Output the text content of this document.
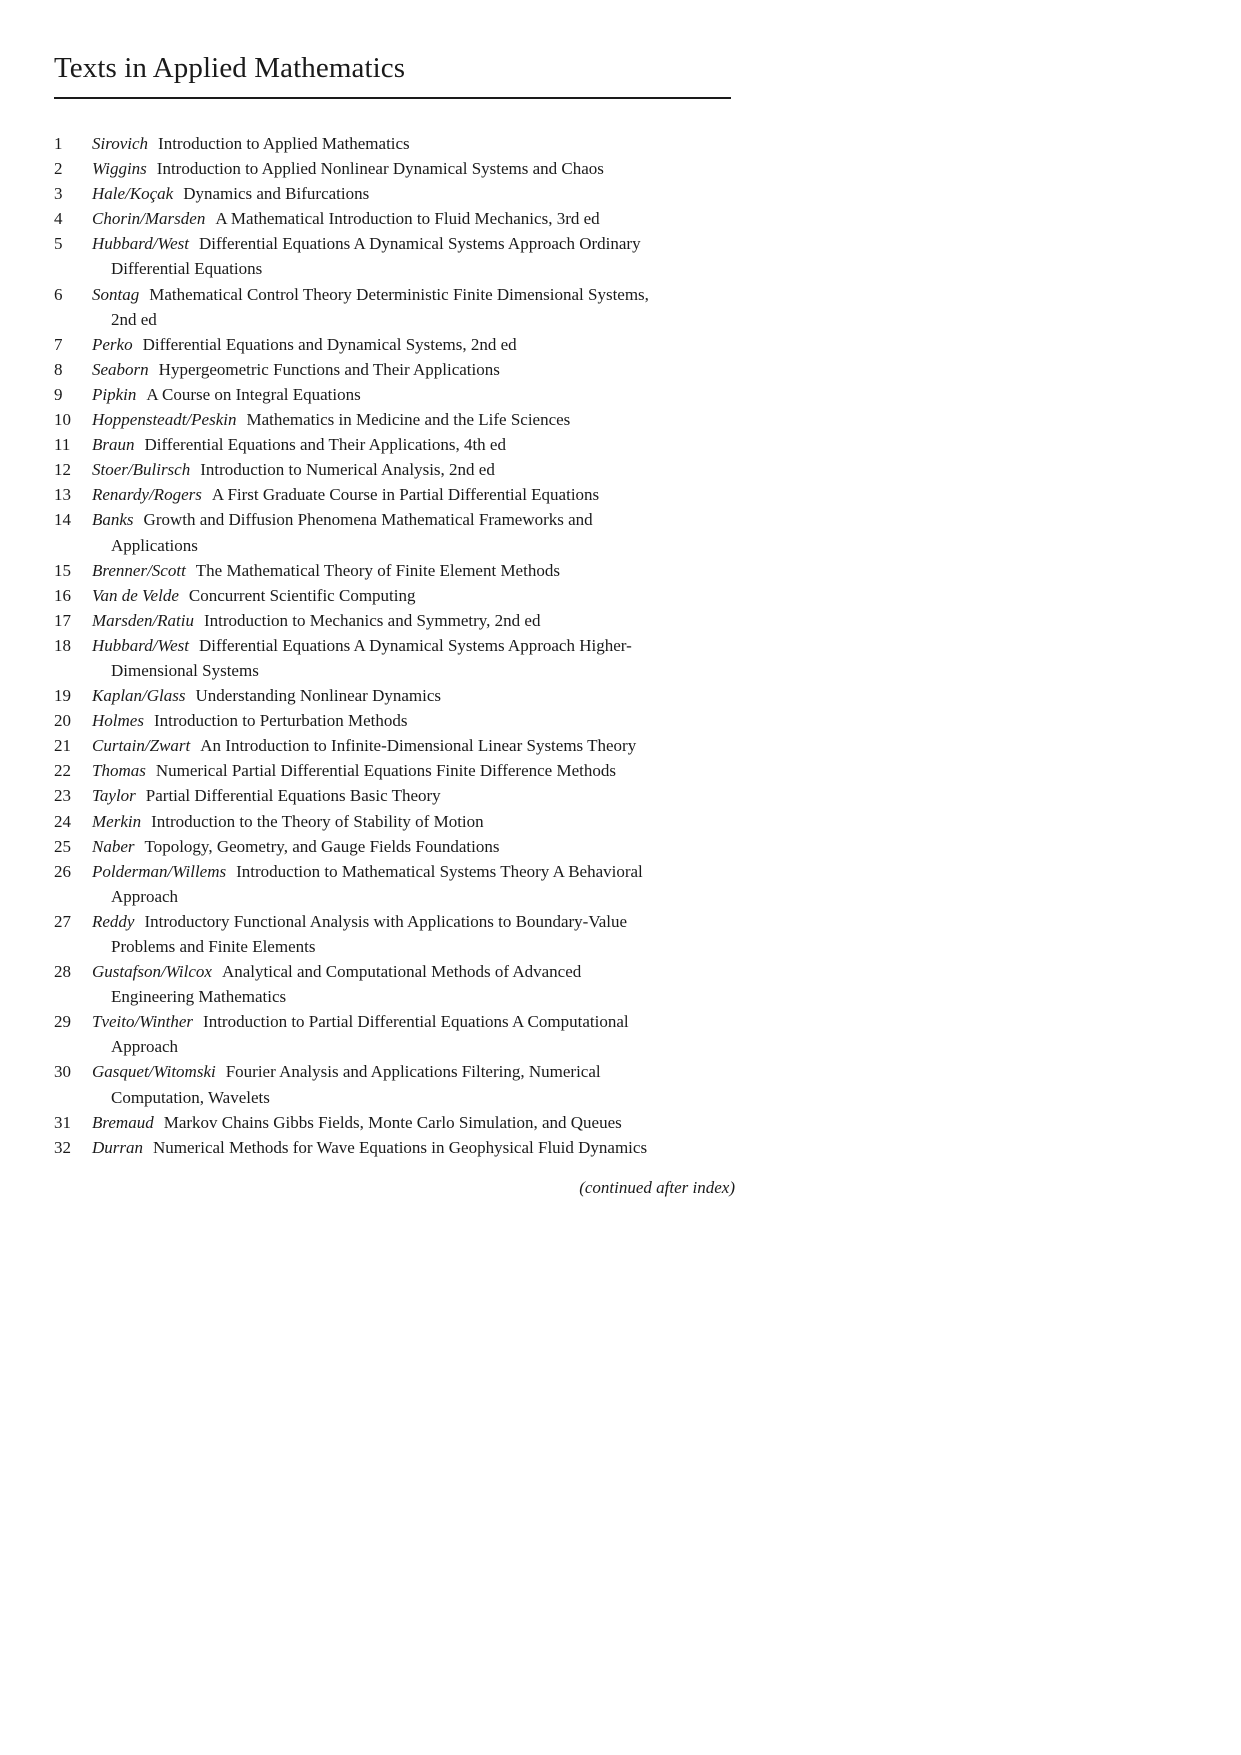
Texts in Applied Mathematics
1	Sirovich Introduction to Applied Mathematics
2	Wiggins Introduction to Applied Nonlinear Dynamical Systems and Chaos
3	Hale/Koçak Dynamics and Bifurcations
4	Chorin/Marsden A Mathematical Introduction to Fluid Mechanics, 3rd ed
5	Hubbard/West Differential Equations A Dynamical Systems Approach Ordinary
Differential Equations
6	Sontag Mathematical Control Theory Deterministic Finite Dimensional Systems,
2nd ed
7	Perko Differential Equations and Dynamical Systems, 2nd ed
8	Seaborn Hypergeometric Functions and Their Applications
9	Pipkin A Course on Integral Equations
10	Hoppensteadt/Peskin Mathematics in Medicine and the Life Sciences
11	Braun Differential Equations and Their Applications, 4th ed
12	Stoer/Bulirsch Introduction to Numerical Analysis, 2nd ed
13	Renardy/Rogers A First Graduate Course in Partial Differential Equations
14	Banks Growth and Diffusion Phenomena Mathematical Frameworks and
Applications
15	Brenner/Scott The Mathematical Theory of Finite Element Methods
16	Van de Velde Concurrent Scientific Computing
17	Marsden/Ratiu Introduction to Mechanics and Symmetry, 2nd ed
18	Hubbard/West Differential Equations A Dynamical Systems Approach Higher-
Dimensional Systems
19	Kaplan/Glass Understanding Nonlinear Dynamics
20	Holmes Introduction to Perturbation Methods
21	Curtain/Zwart An Introduction to Infinite-Dimensional Linear Systems Theory
22	Thomas Numerical Partial Differential Equations Finite Difference Methods
23	Taylor Partial Differential Equations Basic Theory
24	Merkin Introduction to the Theory of Stability of Motion
25	Naber Topology, Geometry, and Gauge Fields Foundations
26	Polderman/Willems Introduction to Mathematical Systems Theory A Behavioral
Approach
27	Reddy Introductory Functional Analysis with Applications to Boundary-Value
Problems and Finite Elements
28	Gustafson/Wilcox Analytical and Computational Methods of Advanced
Engineering Mathematics
29	Tveito/Winther Introduction to Partial Differential Equations A Computational
Approach
30	Gasquet/Witomski Fourier Analysis and Applications Filtering, Numerical
Computation, Wavelets
31	Bremaud Markov Chains Gibbs Fields, Monte Carlo Simulation, and Queues
32	Durran Numerical Methods for Wave Equations in Geophysical Fluid Dynamics
(continued after index)
